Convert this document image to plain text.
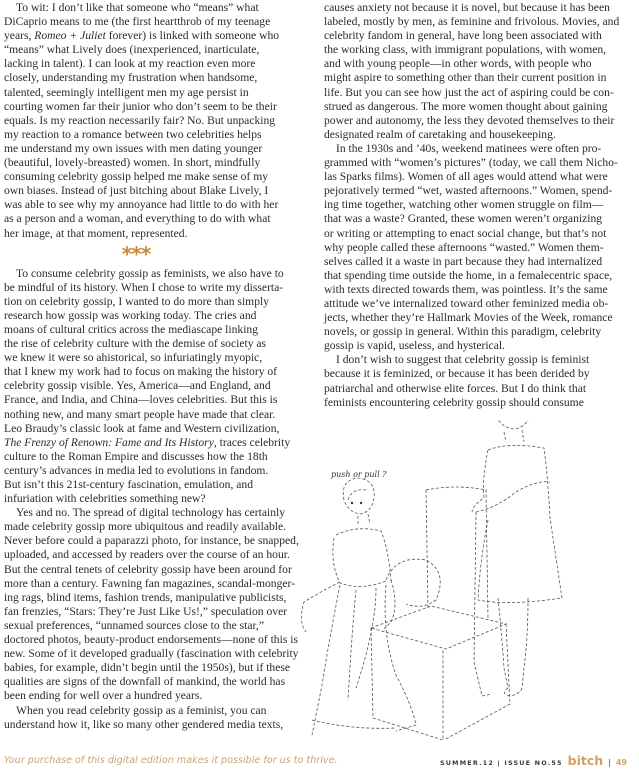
To wit: I don’t like that someone who “means” what
DiCaprio means to me (the first heartthrob of my teenage
years, Romeo + Juliet forever) is linked with someone who
“means” what Lively does (inexperienced, inarticulate,
lacking in talent). I can look at my reaction even more
closely, understanding my frustration when handsome,
talented, seemingly intelligent men my age persist in
courting women far their junior who don’t seem to be their
equals. Is my reaction necessarily fair? No. But unpacking
my reaction to a romance between two celebrities helps
me understand my own issues with men dating younger
(beautiful, lovely-breasted) women. In short, mindfully
consuming celebrity gossip helped me make sense of my
own biases. Instead of just bitching about Blake Lively, I
was able to see why my annoyance had little to do with her
as a person and a woman, and everything to do with what
her image, at that moment, represented.
***
To consume celebrity gossip as feminists, we also have to
be mindful of its history. When I chose to write my disserta-
tion on celebrity gossip, I wanted to do more than simply
research how gossip was working today. The cries and
moans of cultural critics across the mediascape linking
the rise of celebrity culture with the demise of society as
we knew it were so ahistorical, so infuriatingly myopic,
that I knew my work had to focus on making the history of
celebrity gossip visible. Yes, America—and England, and
France, and India, and China—loves celebrities. But this is
nothing new, and many smart people have made that clear.
Leo Braudy’s classic look at fame and Western civilization,
The Frenzy of Renown: Fame and Its History, traces celebrity
culture to the Roman Empire and discusses how the 18th
century’s advances in media led to evolutions in fandom.
But isn’t this 21st-century fascination, emulation, and
infuriation with celebrities something new?
Yes and no. The spread of digital technology has certainly
made celebrity gossip more ubiquitous and readily available.
Never before could a paparazzi photo, for instance, be snapped,
uploaded, and accessed by readers over the course of an hour.
But the central tenets of celebrity gossip have been around for
more than a century. Fawning fan magazines, scandal-monger-
ing rags, blind items, fashion trends, manipulative publicists,
fan frenzies, “Stars: They’re Just Like Us!,” speculation over
sexual preferences, “unnamed sources close to the star,”
doctored photos, beauty-product endorsements—none of this is
new. Some of it developed gradually (fascination with celebrity
babies, for example, didn’t begin until the 1950s), but if these
qualities are signs of the downfall of mankind, the world has
been ending for well over a hundred years.
When you read celebrity gossip as a feminist, you can
understand how it, like so many other gendered media texts,
causes anxiety not because it is novel, but because it has been
labeled, mostly by men, as feminine and frivolous. Movies, and
celebrity fandom in general, have long been associated with
the working class, with immigrant populations, with women,
and with young people—in other words, with people who
might aspire to something other than their current position in
life. But you can see how just the act of aspiring could be con-
strued as dangerous. The more women thought about gaining
power and autonomy, the less they devoted themselves to their
designated realm of caretaking and housekeeping.
In the 1930s and ’40s, weekend matinees were often pro-
grammed with “women’s pictures” (today, we call them Nicho-
las Sparks films). Women of all ages would attend what were
pejoratively termed “wet, wasted afternoons.” Women, spend-
ing time together, watching other women struggle on film—
that was a waste? Granted, these women weren’t organizing
or writing or attempting to enact social change, but that’s not
why people called these afternoons “wasted.” Women them-
selves called it a waste in part because they had internalized
that spending time outside the home, in a femalecentric space,
with texts directed towards them, was pointless. It’s the same
attitude we’ve internalized toward other feminized media ob-
jects, whether they’re Hallmark Movies of the Week, romance
novels, or gossip in general. Within this paradigm, celebrity
gossip is vapid, useless, and hysterical.
I don’t wish to suggest that celebrity gossip is feminist
because it is feminized, or because it has been derided by
patriarchal and otherwise elite forces. But I do think that
feminists encountering celebrity gossip should consume
push or pull ?
Your purchase of this digital edition makes it possible for us to thrive.	SUMMER.12 | ISSUE NO.55 bitch | 49
